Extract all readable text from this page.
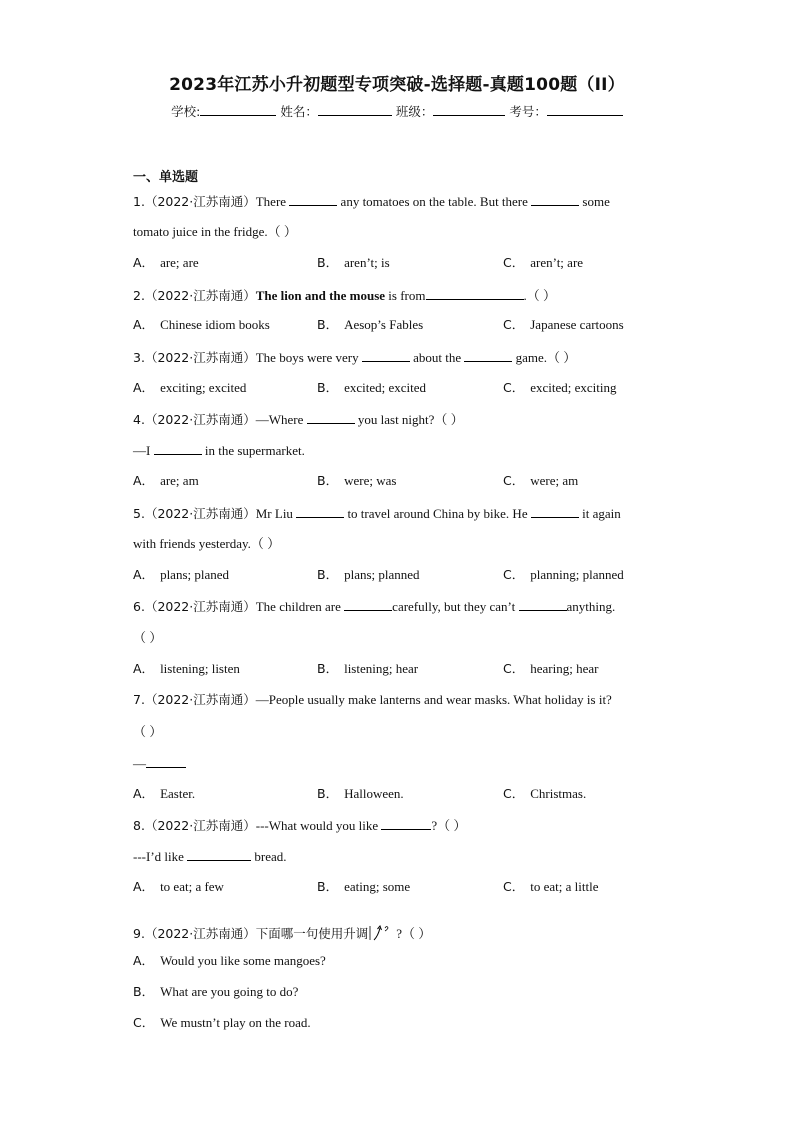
2023年江苏小升初题型专项突破-选择题-真题100题（II）
学校:	姓名：	班级：	考号：
一、单选题
1.（2022·江苏南通）There	any tomatoes on the table. But there	some
tomato juice in the fridge.（ ）
A． are; are	B． aren’t; is	C． aren’t; are
2.（2022·江苏南通）The lion and the mouse is from	.（ ）
A． Chinese idiom books	B． Aesop’s Fables	C． Japanese cartoons
3.（2022·江苏南通）The boys were very	about the	game.（ ）
A． exciting; excited	B． excited; excited	C． excited; exciting
4.（2022·江苏南通）—Where	you last night?（ ）
—I	in the supermarket.
A． are; am	B． were; was	C． were; am
5.（2022·江苏南通）Mr Liu	to travel around China by bike. He	it again
with friends yesterday.（ ）
A． plans; planed	B． plans; planned	C． planning; planned
6.（2022·江苏南通）The children are	carefully, but they can’t	anything.
（ ）
A． listening; listen	B． listening; hear	C． hearing; hear
7.（2022·江苏南通）—People usually make lanterns and wear masks. What holiday is it?
（ ）
—
A． Easter.	B． Halloween.	C． Christmas.
8.（2022·江苏南通）---What would you like	?（ ）
---I’d like	bread.
A． to eat; a few	B． eating; some	C． to eat; a little
9.（2022·江苏南通）下面哪一句使用升调 ?（ ）
A． Would you like some mangoes?
B． What are you going to do?
C． We mustn’t play on the road.
